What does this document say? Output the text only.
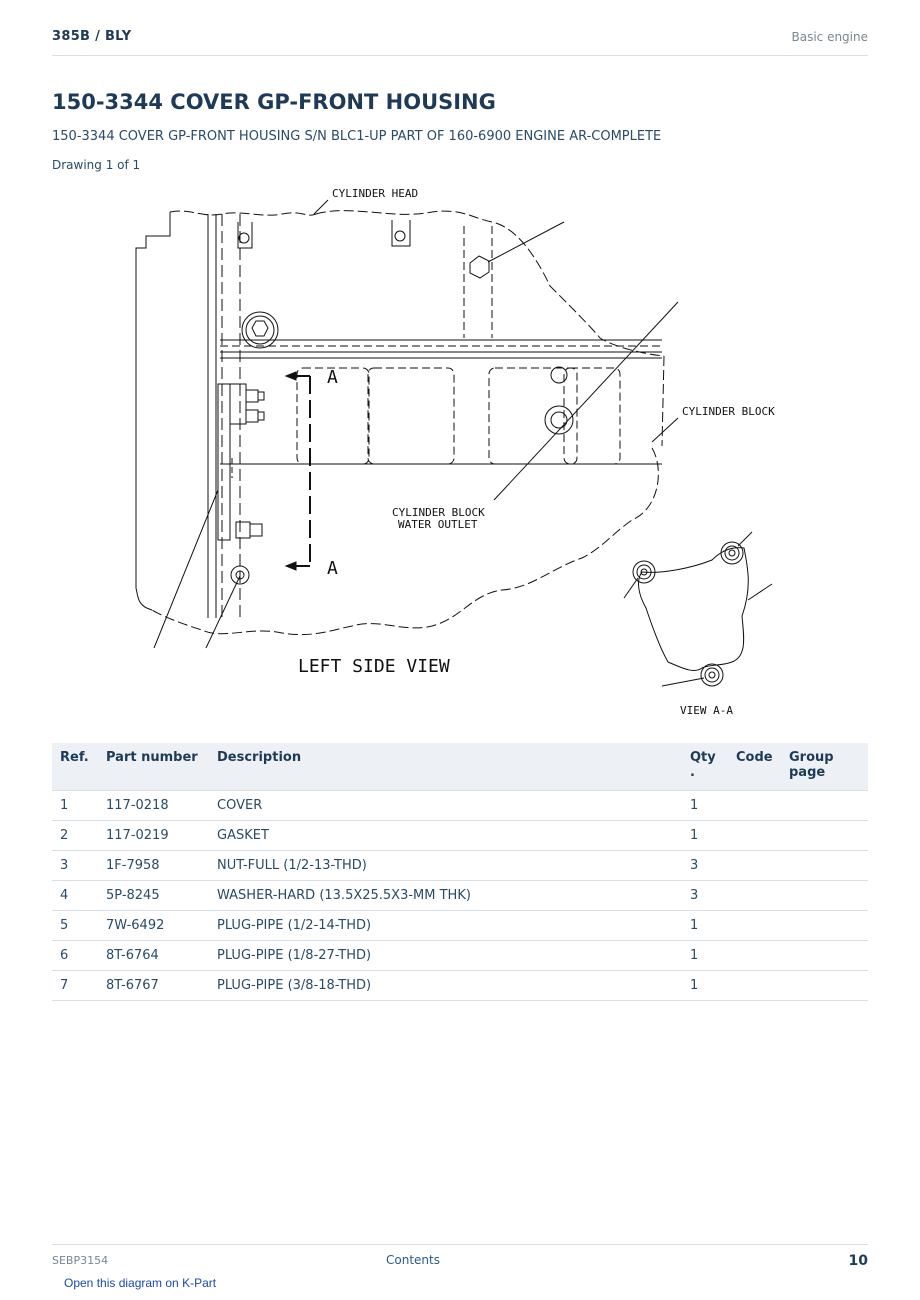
385B / BLY	Basic engine
150-3344 COVER GP-FRONT HOUSING
150-3344 COVER GP-FRONT HOUSING S/N BLC1-UP PART OF 160-6900 ENGINE AR-COMPLETE
Drawing 1 of 1
CYLINDER HEAD
CYLINDER BLOCK
CYLINDER BLOCK
WATER OUTLET
A
A
LEFT SIDE VIEW
VIEW A-A
Ref.	Part number	Description	Qty .	Code	Group page
1	117-0218	COVER	1		
2	117-0219	GASKET	1		
3	1F-7958	NUT-FULL (1/2-13-THD)	3		
4	5P-8245	WASHER-HARD (13.5X25.5X3-MM THK)	3		
5	7W-6492	PLUG-PIPE (1/2-14-THD)	1		
6	8T-6764	PLUG-PIPE (1/8-27-THD)	1		
7	8T-6767	PLUG-PIPE (3/8-18-THD)	1		
SEBP3154	Contents	10
Open this diagram on K-Part
